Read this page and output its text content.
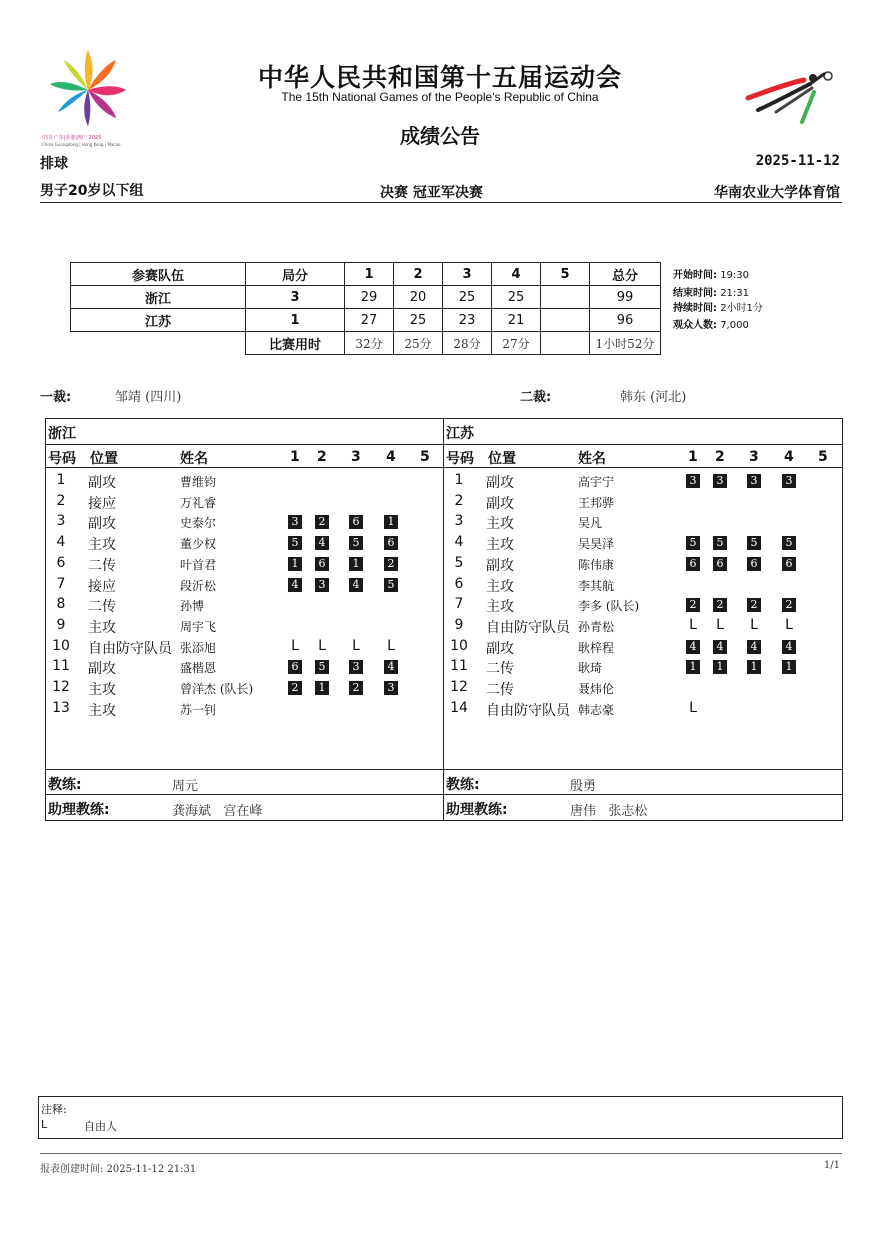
中国·广东|香港|澳门 2025
China Guangdong | Hong Kong | Macao
中华人民共和国第十五届运动会
The 15th National Games of the People's Republic of China
成绩公告
排球	2025-11-12
男子20岁以下组	决赛 冠亚军决赛	华南农业大学体育馆
参赛队伍	局分	1	2	3	4	5	总分
浙江	3	29	20	25	25		99
江苏	1	27	25	23	21		96
	比赛用时	32分	25分	28分	27分		1小时52分
开始时间: 19:30
结束时间: 21:31
持续时间: 2小时1分
观众人数: 7,000
一裁:	邹靖 (四川)	二裁:	韩东 (河北)
浙江	江苏
号码 位置	姓名	1 2 3 4 5
1	副攻	曹维钧
2	接应	万礼睿
3	副攻	史泰尔	3	2	6	1
4	主攻	董少权	5	4	5	6
6	二传	叶首君	1	6	1	2
7	接应	段沂松	4	3	4	5
8	二传	孙博
9	主攻	周宇飞
10	自由防守队员 张添旭	L L L L
11	副攻	盛楷恩	6	5	3	4
12	主攻	曾洋杰 (队长)	2	1	2	3
13	主攻	苏一钊
号码 位置	姓名	1 2 3 4 5
1	副攻	高宇宁	3	3	3	3
2	副攻	王邦骅
3	主攻	吴凡
4	主攻	吴昊泽	5	5	5	5
5	副攻	陈伟康	6	6	6	6
6	主攻	李其航
7	主攻	李多 (队长)	2	2	2	2
9	自由防守队员 孙青松	L L L L
10	副攻	耿梓程	4	4	4	4
11	二传	耿琦	1	1	1	1
12	二传	聂炜伦
14	自由防守队员 韩志豪	L
教练:	周元
助理教练:	龚海斌   宫在峰
教练:	殷勇
助理教练:	唐伟   张志松
注释:
L	自由人
报表创建时间: 2025-11-12 21:31	1/1
